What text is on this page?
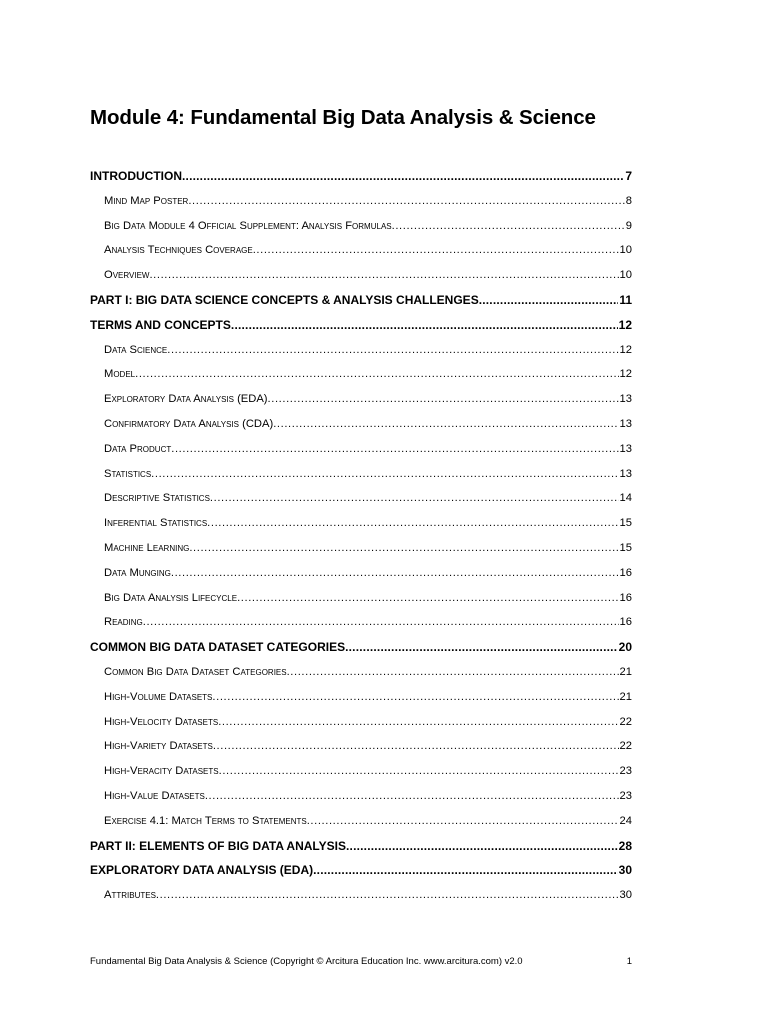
Module 4: Fundamental Big Data Analysis & Science
INTRODUCTION .....	7
Mind Map Poster .....	8
Big Data Module 4 Official Supplement: Analysis Formulas .....	9
Analysis Techniques Coverage .....	10
Overview .....	10
PART I: BIG DATA SCIENCE CONCEPTS & ANALYSIS CHALLENGES .....	11
TERMS AND CONCEPTS .....	12
Data Science .....	12
Model .....	12
Exploratory Data Analysis (EDA) .....	13
Confirmatory Data Analysis (CDA) .....	13
Data Product .....	13
Statistics .....	13
Descriptive Statistics .....	14
Inferential Statistics .....	15
Machine Learning .....	15
Data Munging .....	16
Big Data Analysis Lifecycle .....	16
Reading .....	16
COMMON BIG DATA DATASET CATEGORIES .....	20
Common Big Data Dataset Categories .....	21
High-Volume Datasets .....	21
High-Velocity Datasets .....	22
High-Variety Datasets .....	22
High-Veracity Datasets .....	23
High-Value Datasets .....	23
Exercise 4.1: Match Terms to Statements .....	24
PART II: ELEMENTS OF BIG DATA ANALYSIS .....	28
EXPLORATORY DATA ANALYSIS (EDA) .....	30
Attributes .....	30
Fundamental Big Data Analysis & Science (Copyright © Arcitura Education Inc. www.arcitura.com) v2.0	1
